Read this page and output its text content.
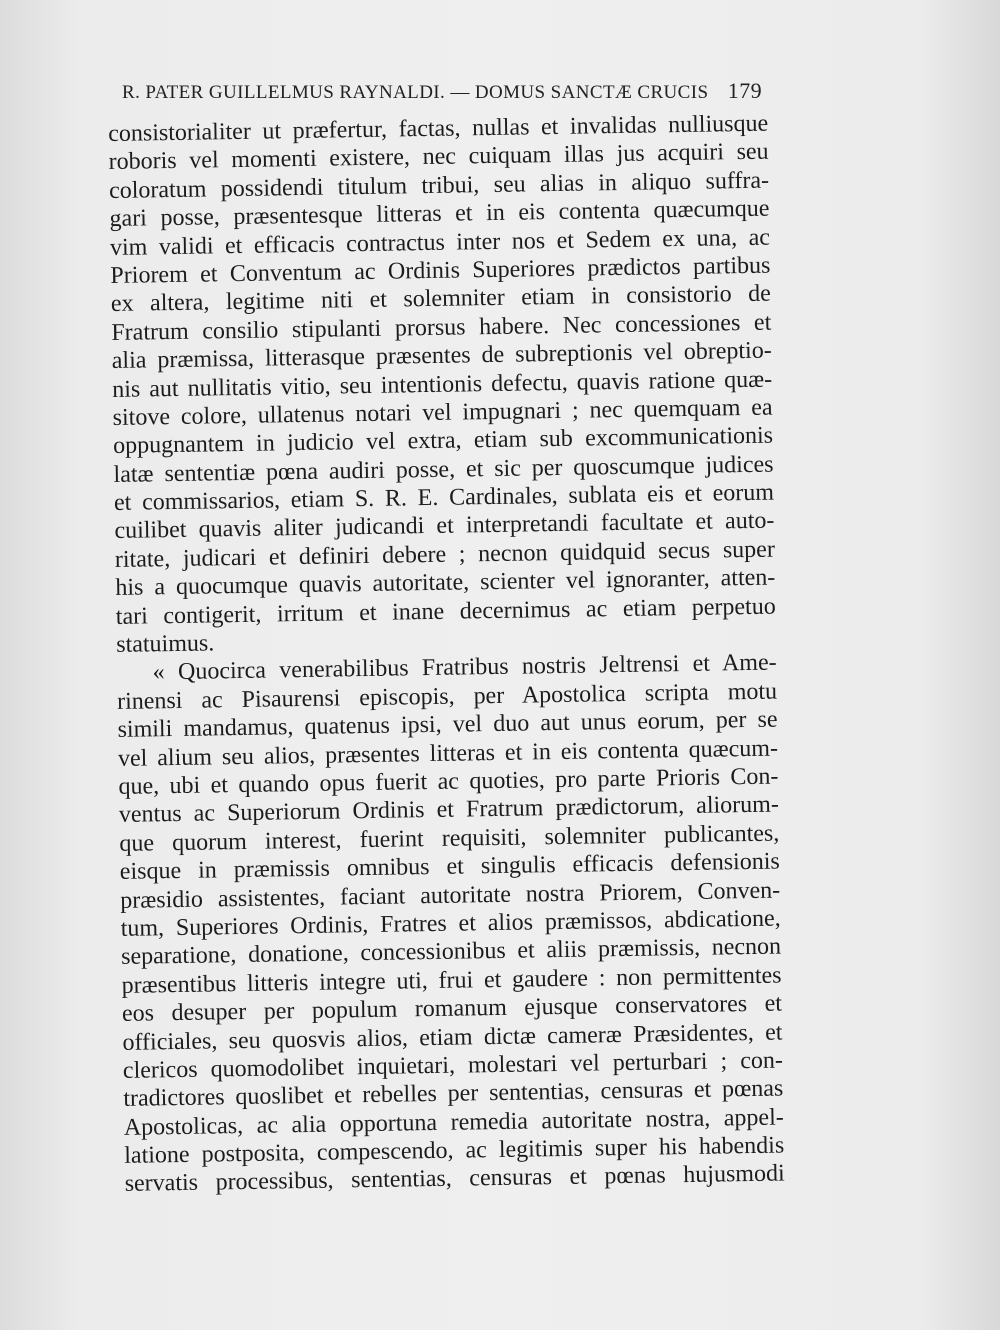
R. PATER GUILLELMUS RAYNALDI. — DOMUS SANCTÆ CRUCIS 179
consistorialiter ut præfertur, factas, nullas et invalidas nulliusque
roboris vel momenti existere, nec cuiquam illas jus acquiri seu
coloratum possidendi titulum tribui, seu alias in aliquo suffra-
gari posse, præsentesque litteras et in eis contenta quæcumque
vim validi et efficacis contractus inter nos et Sedem ex una, ac
Priorem et Conventum ac Ordinis Superiores prædictos partibus
ex altera, legitime niti et solemniter etiam in consistorio de
Fratrum consilio stipulanti prorsus habere. Nec concessiones et
alia præmissa, litterasque præsentes de subreptionis vel obreptio-
nis aut nullitatis vitio, seu intentionis defectu, quavis ratione quæ-
sitove colore, ullatenus notari vel impugnari ; nec quemquam ea
oppugnantem in judicio vel extra, etiam sub excommunicationis
latæ sententiæ pœna audiri posse, et sic per quoscumque judices
et commissarios, etiam S. R. E. Cardinales, sublata eis et eorum
cuilibet quavis aliter judicandi et interpretandi facultate et auto-
ritate, judicari et definiri debere ; necnon quidquid secus super
his a quocumque quavis autoritate, scienter vel ignoranter, atten-
tari contigerit, irritum et inane decernimus ac etiam perpetuo
statuimus.
« Quocirca venerabilibus Fratribus nostris Jeltrensi et Ame-
rinensi ac Pisaurensi episcopis, per Apostolica scripta motu
simili mandamus, quatenus ipsi, vel duo aut unus eorum, per se
vel alium seu alios, præsentes litteras et in eis contenta quæcum-
que, ubi et quando opus fuerit ac quoties, pro parte Prioris Con-
ventus ac Superiorum Ordinis et Fratrum prædictorum, aliorum-
que quorum interest, fuerint requisiti, solemniter publicantes,
eisque in præmissis omnibus et singulis efficacis defensionis
præsidio assistentes, faciant autoritate nostra Priorem, Conven-
tum, Superiores Ordinis, Fratres et alios præmissos, abdicatione,
separatione, donatione, concessionibus et aliis præmissis, necnon
præsentibus litteris integre uti, frui et gaudere : non permittentes
eos desuper per populum romanum ejusque conservatores et
officiales, seu quosvis alios, etiam dictæ cameræ Præsidentes, et
clericos quomodolibet inquietari, molestari vel perturbari ; con-
tradictores quoslibet et rebelles per sententias, censuras et pœnas
Apostolicas, ac alia opportuna remedia autoritate nostra, appel-
latione postposita, compescendo, ac legitimis super his habendis
servatis processibus, sententias, censuras et pœnas hujusmodi
